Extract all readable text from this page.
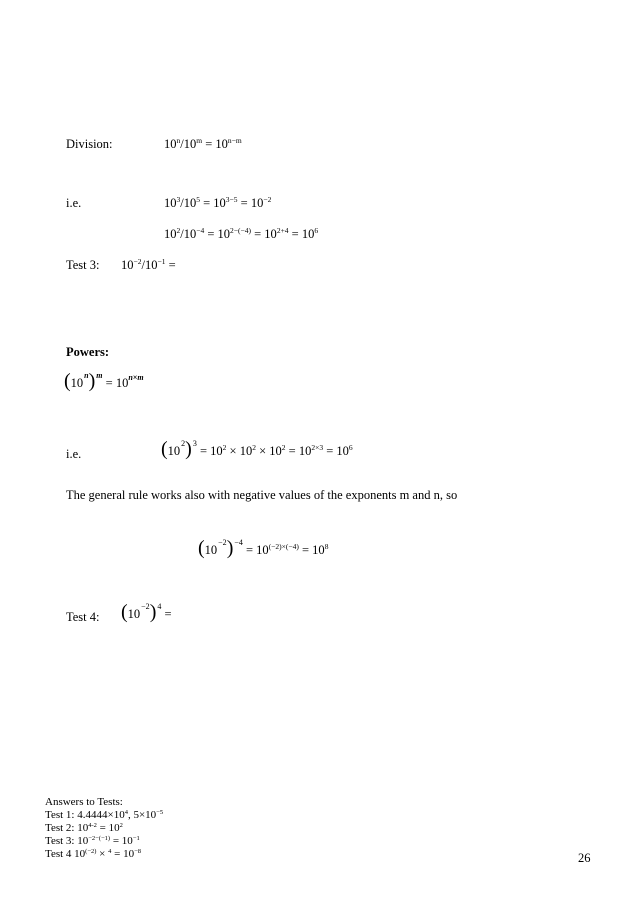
Division:	$10^n/10^m = 10^{n-m}$
i.e.	$10^3/10^5 = 10^{3-5} = 10^{-2}$
$10^2/10^{-4} = 10^{2-(-4)} = 10^{2+4} = 10^6$
Test 3: $10^{-2}/10^{-1}$ =
Powers:
$(10^n)^m = 10^{n\times m}$
i.e.	$(10^2)^3 = 10^2 \times 10^2 \times 10^2 = 10^{2\times 3} = 10^6$
The general rule works also with negative values of the exponents m and n, so
$(10^{-2})^{-4} = 10^{(-2)\times(-4)} = 10^8$
Test 4: $(10^{-2})^4$ =
Answers to Tests:
Test 1: $4.4444\times 10^4$, $5\times 10^{-5}$
Test 2: $10^{4-2} = 10^2$
Test 3: $10^{-2-(-1)} = 10^{-1}$
Test 4 $10^{(-2)} \times ^4 = 10^{-8}$	26
